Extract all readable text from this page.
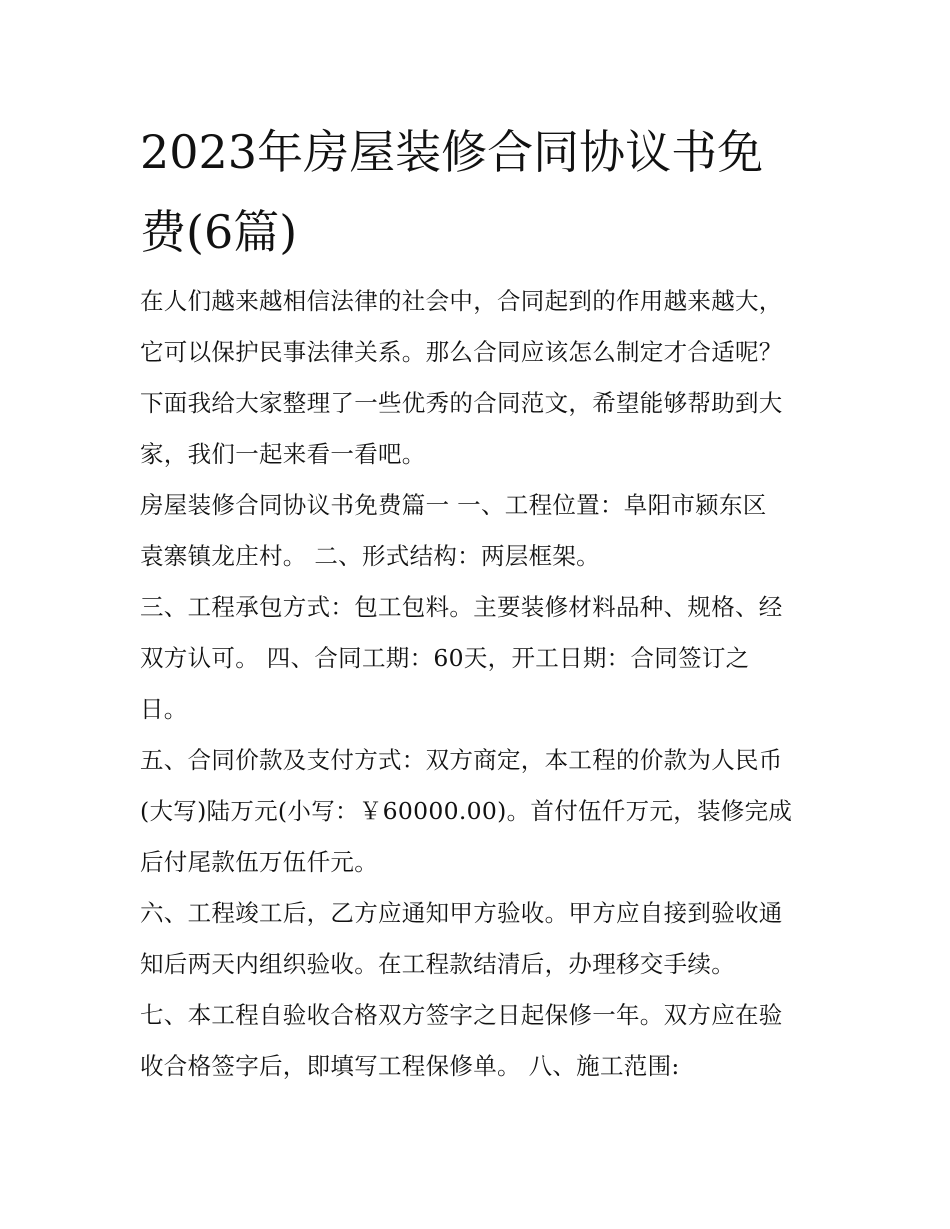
2023年房屋装修合同协议书免
费(6篇)

在人们越来越相信法律的社会中，合同起到的作用越来越大，
它可以保护民事法律关系。那么合同应该怎么制定才合适呢？
下面我给大家整理了一些优秀的合同范文，希望能够帮助到大
家，我们一起来看一看吧。

房屋装修合同协议书免费篇一 一、工程位置：阜阳市颍东区
袁寨镇龙庄村。 二、形式结构：两层框架。

三、工程承包方式：包工包料。主要装修材料品种、规格、经
双方认可。 四、合同工期：60天，开工日期：合同签订之
日。

五、合同价款及支付方式：双方商定，本工程的价款为人民币
(大写)陆万元(小写：￥60000.00)。首付伍仟万元，装修完成
后付尾款伍万伍仟元。

六、工程竣工后，乙方应通知甲方验收。甲方应自接到验收通
知后两天内组织验收。在工程款结清后，办理移交手续。

七、本工程自验收合格双方签字之日起保修一年。双方应在验
收合格签字后，即填写工程保修单。 八、施工范围:
